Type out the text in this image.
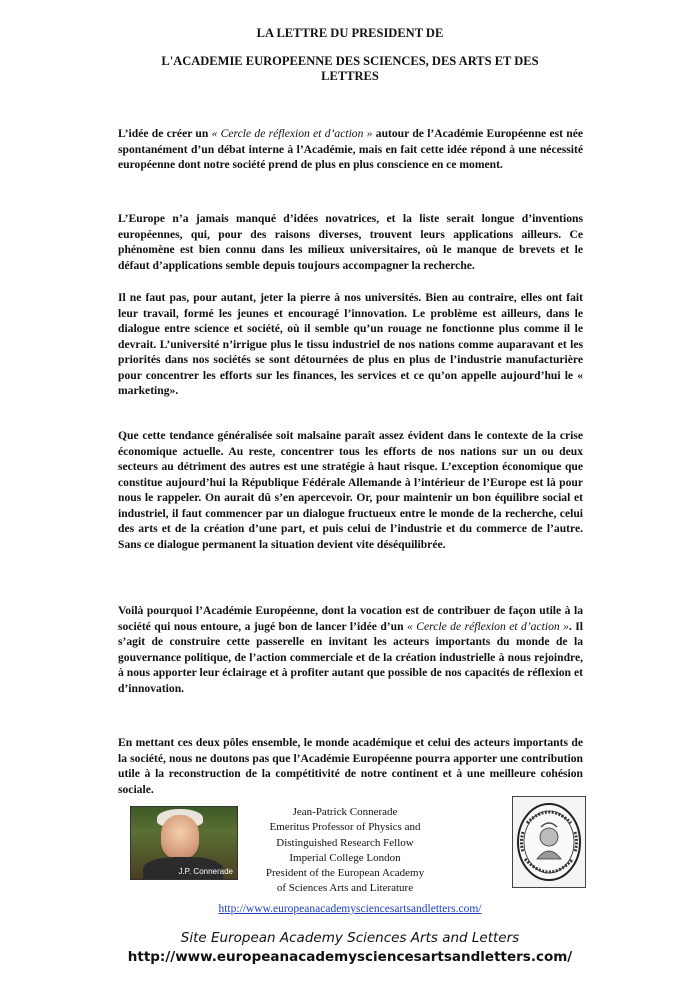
LA LETTRE DU PRESIDENT DE
L'ACADEMIE EUROPEENNE DES SCIENCES, DES ARTS ET DES
LETTRES

L’idée de créer un « Cercle de réflexion et d’action » autour de l’Académie Européenne est née spontanément d’un débat interne à l’Académie, mais en fait cette idée répond à une nécessité européenne dont notre société prend de plus en plus conscience en ce moment.

L’Europe n’a jamais manqué d’idées novatrices, et la liste serait longue d’inventions européennes, qui, pour des raisons diverses, trouvent leurs applications ailleurs. Ce phénomène est bien connu dans les milieux universitaires, où le manque de brevets et le défaut d’applications semble depuis toujours accompagner la recherche.

Il ne faut pas, pour autant, jeter la pierre à nos universités. Bien au contraire, elles ont fait leur travail, formé les jeunes et encouragé l’innovation. Le problème est ailleurs, dans le dialogue entre science et société, où il semble qu’un rouage ne fonctionne plus comme il le devrait. L’université n’irrigue plus le tissu industriel de nos nations comme auparavant et les priorités dans nos sociétés se sont détournées de plus en plus de l’industrie manufacturière pour concentrer les efforts sur les finances, les services et ce qu’on appelle aujourd’hui le « marketing».

Que cette tendance généralisée soit malsaine paraît assez évident dans le contexte de la crise économique actuelle. Au reste, concentrer tous les efforts de nos nations sur un ou deux secteurs au détriment des autres est une stratégie à haut risque. L’exception économique que constitue aujourd’hui la République Fédérale Allemande à l’intérieur de l’Europe est là pour nous le rappeler. On aurait dû s’en apercevoir. Or, pour maintenir un bon équilibre social et industriel, il faut commencer par un dialogue fructueux entre le monde de la recherche, celui des arts et de la création d’une part, et puis celui de l’industrie et du commerce de l’autre. Sans ce dialogue permanent la situation devient vite déséquilibrée.

Voilà pourquoi l’Académie Européenne, dont la vocation est de contribuer de façon utile à la société qui nous entoure, a jugé bon de lancer l’idée d’un « Cercle de réflexion et d’action ». Il s’agit de construire cette passerelle en invitant les acteurs importants du monde de la gouvernance politique, de l’action commerciale et de la création industrielle à nous rejoindre, à nous apporter leur éclairage et à profiter autant que possible de nos capacités de réflexion et d’innovation.

En mettant ces deux pôles ensemble, le monde académique et celui des acteurs importants de la société, nous ne doutons pas que l’Académie Européenne pourra apporter une contribution utile à la reconstruction de la compétitivité de notre continent et à une meilleure cohésion sociale.

J.P. Connerade
Jean-Patrick Connerade
Emeritus Professor of Physics and
Distinguished Research Fellow
Imperial College London
President of the European Academy
of Sciences Arts and Literature
http://www.europeanacademysciencesartsandletters.com/
Site European Academy Sciences Arts and Letters
http://www.europeanacademysciencesartsandletters.com/
